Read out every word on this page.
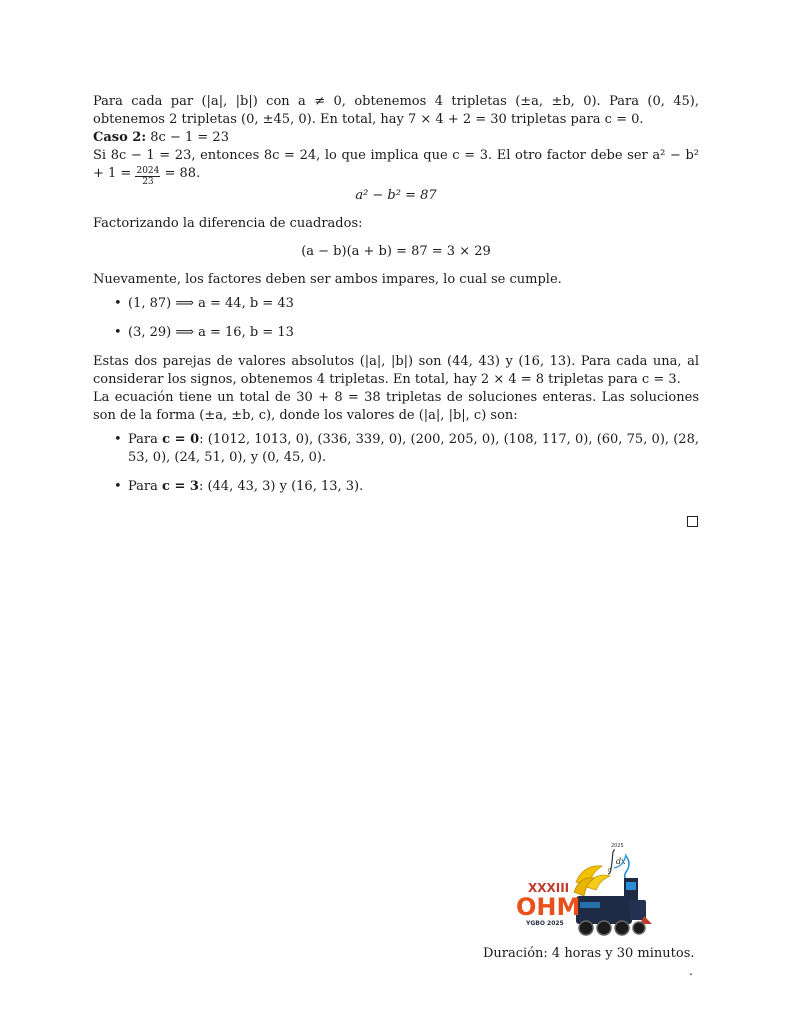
Para cada par (|a|, |b|) con a ≠ 0, obtenemos 4 tripletas (±a, ±b, 0). Para (0, 45), obtenemos 2 tripletas (0, ±45, 0). En total, hay 7 × 4 + 2 = 30 tripletas para c = 0.

Caso 2: 8c − 1 = 23

Si 8c − 1 = 23, entonces 8c = 24, lo que implica que c = 3. El otro factor debe ser $a^2 - b^2 + 1 = \frac{2024}{23} = 88$.

a² − b² = 87

Factorizando la diferencia de cuadrados:

(a − b)(a + b) = 87 = 3 × 29

Nuevamente, los factores deben ser ambos impares, lo cual se cumple.

• (1, 87) ⟹ a = 44, b = 43
• (3, 29) ⟹ a = 16, b = 13

Estas dos parejas de valores absolutos (|a|, |b|) son (44, 43) y (16, 13). Para cada una, al considerar los signos, obtenemos 4 tripletas. En total, hay 2 × 4 = 8 tripletas para c = 3.

La ecuación tiene un total de 30 + 8 = 38 tripletas de soluciones enteras. Las soluciones son de la forma (±a, ±b, c), donde los valores de (|a|, |b|, c) son:

• Para c = 0: (1012, 1013, 0), (336, 339, 0), (200, 205, 0), (108, 117, 0), (60, 75, 0), (28, 53, 0), (24, 51, 0), y (0, 45, 0).
• Para c = 3: (44, 43, 3) y (16, 13, 3).
2025
0
dx
XXXIII
OHM
YGBO 2025
Duración: 4 horas y 30 minutos.
.
